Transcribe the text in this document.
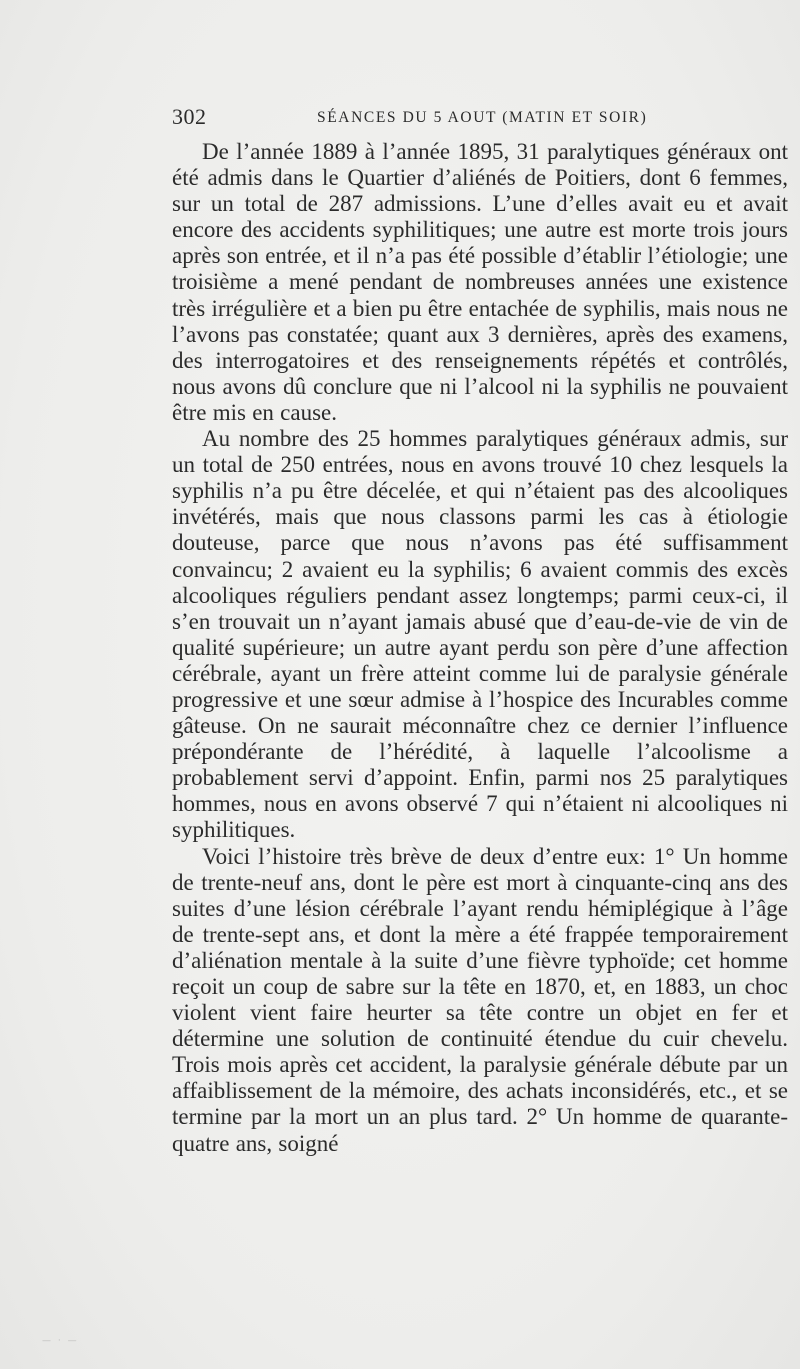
302	SÉANCES DU 5 AOUT (MATIN ET SOIR)

De l’année 1889 à l’année 1895, 31 paralytiques généraux ont été admis dans le Quartier d’aliénés de Poitiers, dont 6 femmes, sur un total de 287 admissions. L’une d’elles avait eu et avait encore des accidents syphilitiques; une autre est morte trois jours après son entrée, et il n’a pas été possible d’établir l’étiologie; une troisième a mené pendant de nombreuses années une existence très irrégulière et a bien pu être entachée de syphilis, mais nous ne l’avons pas constatée; quant aux 3 dernières, après des examens, des interrogatoires et des renseignements répétés et contrôlés, nous avons dû conclure que ni l’alcool ni la syphilis ne pouvaient être mis en cause.

Au nombre des 25 hommes paralytiques généraux admis, sur un total de 250 entrées, nous en avons trouvé 10 chez lesquels la syphilis n’a pu être décelée, et qui n’étaient pas des alcooliques invétérés, mais que nous classons parmi les cas à étiologie douteuse, parce que nous n’avons pas été suffisamment convaincu; 2 avaient eu la syphilis; 6 avaient commis des excès alcooliques réguliers pendant assez longtemps; parmi ceux-ci, il s’en trouvait un n’ayant jamais abusé que d’eau-de-vie de vin de qualité supérieure; un autre ayant perdu son père d’une affection cérébrale, ayant un frère atteint comme lui de paralysie générale progressive et une sœur admise à l’hospice des Incurables comme gâteuse. On ne saurait méconnaître chez ce dernier l’influence prépondérante de l’hérédité, à laquelle l’alcoolisme a probablement servi d’appoint. Enfin, parmi nos 25 paralytiques hommes, nous en avons observé 7 qui n’étaient ni alcooliques ni syphilitiques.

Voici l’histoire très brève de deux d’entre eux: 1° Un homme de trente-neuf ans, dont le père est mort à cinquante-cinq ans des suites d’une lésion cérébrale l’ayant rendu hémiplégique à l’âge de trente-sept ans, et dont la mère a été frappée temporairement d’aliénation mentale à la suite d’une fièvre typhoïde; cet homme reçoit un coup de sabre sur la tête en 1870, et, en 1883, un choc violent vient faire heurter sa tête contre un objet en fer et détermine une solution de continuité étendue du cuir chevelu. Trois mois après cet accident, la paralysie générale débute par un affaiblissement de la mémoire, des achats inconsidérés, etc., et se termine par la mort un an plus tard. 2° Un homme de quarante-quatre ans, soigné

— · —
